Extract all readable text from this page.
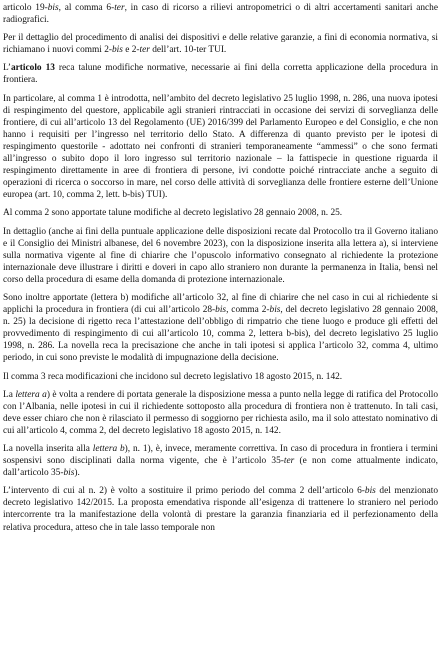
articolo 19-bis, al comma 6-ter, in caso di ricorso a rilievi antropometrici o di altri accertamenti sanitari anche radiografici.

Per il dettaglio del procedimento di analisi dei dispositivi e delle relative garanzie, a fini di economia normativa, si richiamano i nuovi commi 2-bis e 2-ter dell’art. 10-ter TUI.

L’articolo 13 reca talune modifiche normative, necessarie ai fini della corretta applicazione della procedura in frontiera.

In particolare, al comma 1 è introdotta, nell’ambito del decreto legislativo 25 luglio 1998, n. 286, una nuova ipotesi di respingimento del questore, applicabile agli stranieri rintracciati in occasione dei servizi di sorveglianza delle frontiere, di cui all’articolo 13 del Regolamento (UE) 2016/399 del Parlamento Europeo e del Consiglio, e che non hanno i requisiti per l’ingresso nel territorio dello Stato. A differenza di quanto previsto per le ipotesi di respingimento questorile - adottato nei confronti di stranieri temporaneamente “ammessi” o che sono fermati all’ingresso o subito dopo il loro ingresso sul territorio nazionale – la fattispecie in questione riguarda il respingimento direttamente in aree di frontiera di persone, ivi condotte poiché rintracciate anche a seguito di operazioni di ricerca o soccorso in mare, nel corso delle attività di sorveglianza delle frontiere esterne dell’Unione europea (art. 10, comma 2, lett. b-bis) TUI).

Al comma 2 sono apportate talune modifiche al decreto legislativo 28 gennaio 2008, n. 25.

In dettaglio (anche ai fini della puntuale applicazione delle disposizioni recate dal Protocollo tra il Governo italiano e il Consiglio dei Ministri albanese, del 6 novembre 2023), con la disposizione inserita alla lettera a), si interviene sulla normativa vigente al fine di chiarire che l’opuscolo informativo consegnato al richiedente la protezione internazionale deve illustrare i diritti e doveri in capo allo straniero non durante la permanenza in Italia, bensì nel corso della procedura di esame della domanda di protezione internazionale.

Sono inoltre apportate (lettera b) modifiche all’articolo 32, al fine di chiarire che nel caso in cui al richiedente si applichi la procedura in frontiera (di cui all’articolo 28-bis, comma 2-bis, del decreto legislativo 28 gennaio 2008, n. 25) la decisione di rigetto reca l’attestazione dell’obbligo di rimpatrio che tiene luogo e produce gli effetti del provvedimento di respingimento di cui all’articolo 10, comma 2, lettera b-bis), del decreto legislativo 25 luglio 1998, n. 286. La novella reca la precisazione che anche in tali ipotesi si applica l’articolo 32, comma 4, ultimo periodo, in cui sono previste le modalità di impugnazione della decisione.

Il comma 3 reca modificazioni che incidono sul decreto legislativo 18 agosto 2015, n. 142.

La lettera a) è volta a rendere di portata generale la disposizione messa a punto nella legge di ratifica del Protocollo con l’Albania, nelle ipotesi in cui il richiedente sottoposto alla procedura di frontiera non è trattenuto. In tali casi, deve esser chiaro che non è rilasciato il permesso di soggiorno per richiesta asilo, ma il solo attestato nominativo di cui all’articolo 4, comma 2, del decreto legislativo 18 agosto 2015, n. 142.

La novella inserita alla lettera b), n. 1), è, invece, meramente correttiva. In caso di procedura in frontiera i termini sospensivi sono disciplinati dalla norma vigente, che è l’articolo 35-ter (e non come attualmente indicato, dall’articolo 35-bis).

L’intervento di cui al n. 2) è volto a sostituire il primo periodo del comma 2 dell’articolo 6-bis del menzionato decreto legislativo 142/2015. La proposta emendativa risponde all’esigenza di trattenere lo straniero nel periodo intercorrente tra la manifestazione della volontà di prestare la garanzia finanziaria ed il perfezionamento della relativa procedura, atteso che in tale lasso temporale non
